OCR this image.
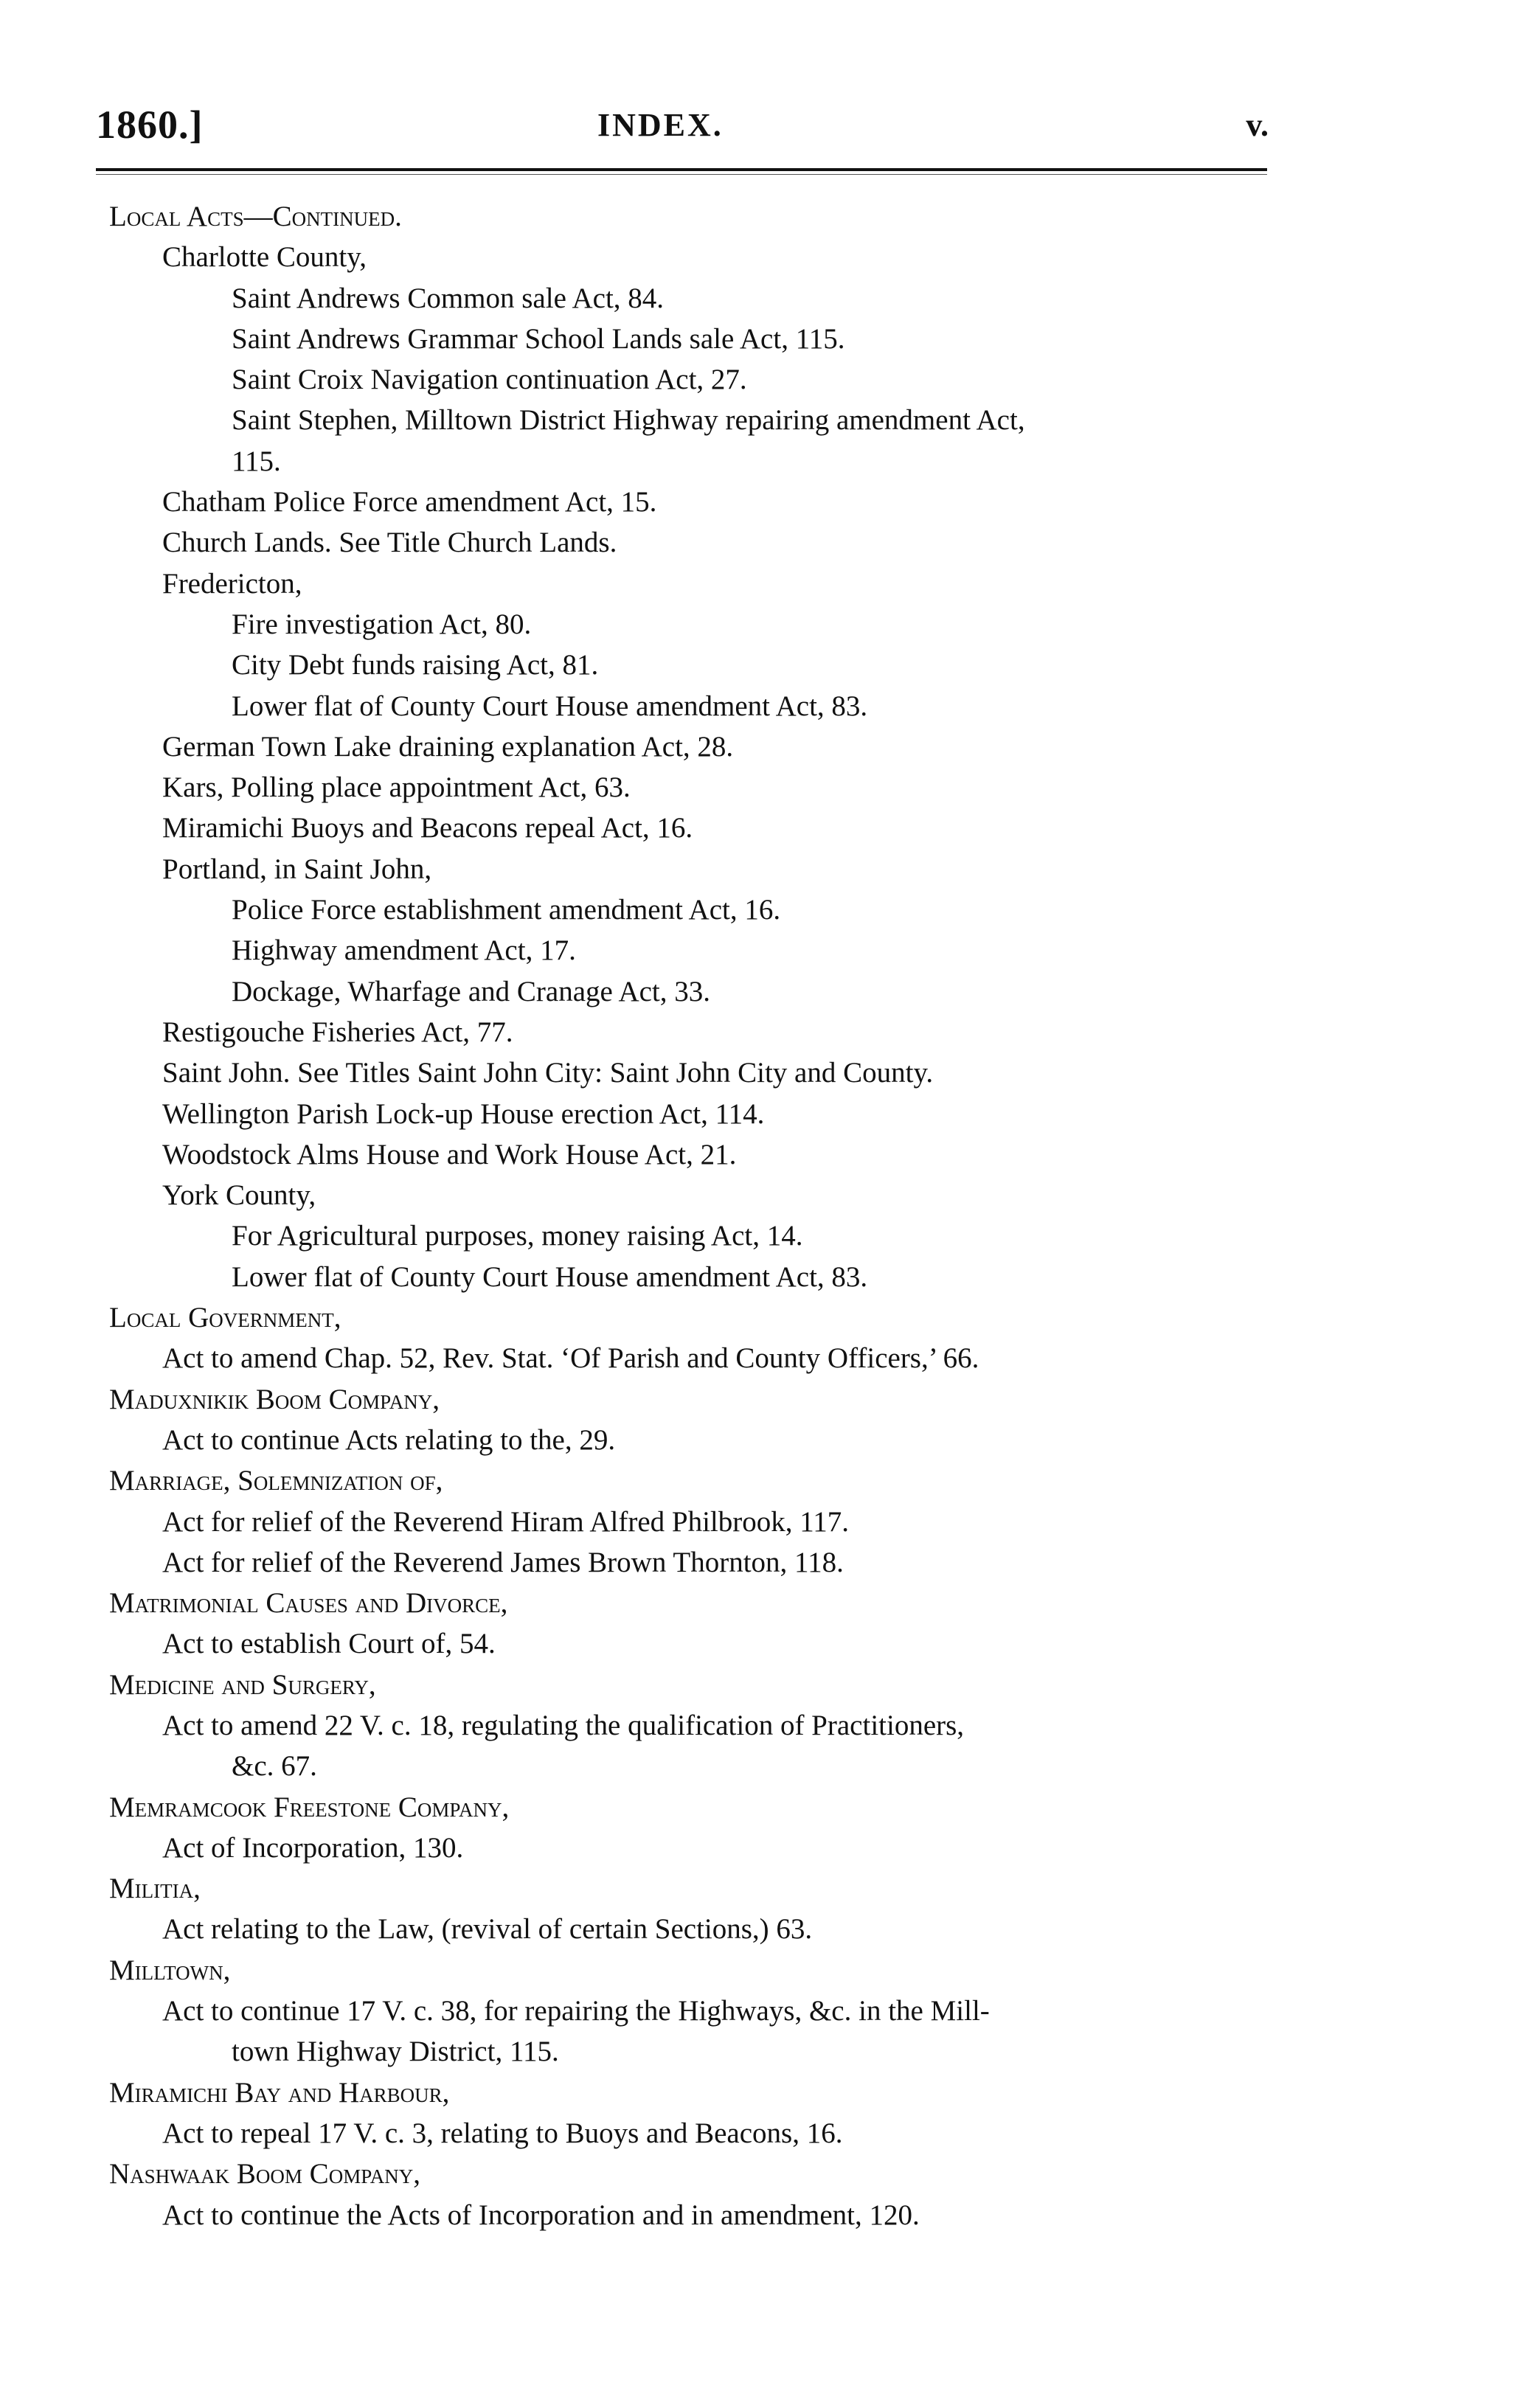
1860.]	INDEX.	v.
Local Acts—Continued.
Charlotte County,
Saint Andrews Common sale Act, 84.
Saint Andrews Grammar School Lands sale Act, 115.
Saint Croix Navigation continuation Act, 27.
Saint Stephen, Milltown District Highway repairing amendment Act,
115.
Chatham Police Force amendment Act, 15.
Church Lands. See Title Church Lands.
Fredericton,
Fire investigation Act, 80.
City Debt funds raising Act, 81.
Lower flat of County Court House amendment Act, 83.
German Town Lake draining explanation Act, 28.
Kars, Polling place appointment Act, 63.
Miramichi Buoys and Beacons repeal Act, 16.
Portland, in Saint John,
Police Force establishment amendment Act, 16.
Highway amendment Act, 17.
Dockage, Wharfage and Cranage Act, 33.
Restigouche Fisheries Act, 77.
Saint John. See Titles Saint John City: Saint John City and County.
Wellington Parish Lock-up House erection Act, 114.
Woodstock Alms House and Work House Act, 21.
York County,
For Agricultural purposes, money raising Act, 14.
Lower flat of County Court House amendment Act, 83.
Local Government,
Act to amend Chap. 52, Rev. Stat. ‘Of Parish and County Officers,’ 66.
Maduxnikik Boom Company,
Act to continue Acts relating to the, 29.
Marriage, Solemnization of,
Act for relief of the Reverend Hiram Alfred Philbrook, 117.
Act for relief of the Reverend James Brown Thornton, 118.
Matrimonial Causes and Divorce,
Act to establish Court of, 54.
Medicine and Surgery,
Act to amend 22 V. c. 18, regulating the qualification of Practitioners,
&c. 67.
Memramcook Freestone Company,
Act of Incorporation, 130.
Militia,
Act relating to the Law, (revival of certain Sections,) 63.
Milltown,
Act to continue 17 V. c. 38, for repairing the Highways, &c. in the Mill-
town Highway District, 115.
Miramichi Bay and Harbour,
Act to repeal 17 V. c. 3, relating to Buoys and Beacons, 16.
Nashwaak Boom Company,
Act to continue the Acts of Incorporation and in amendment, 120.
